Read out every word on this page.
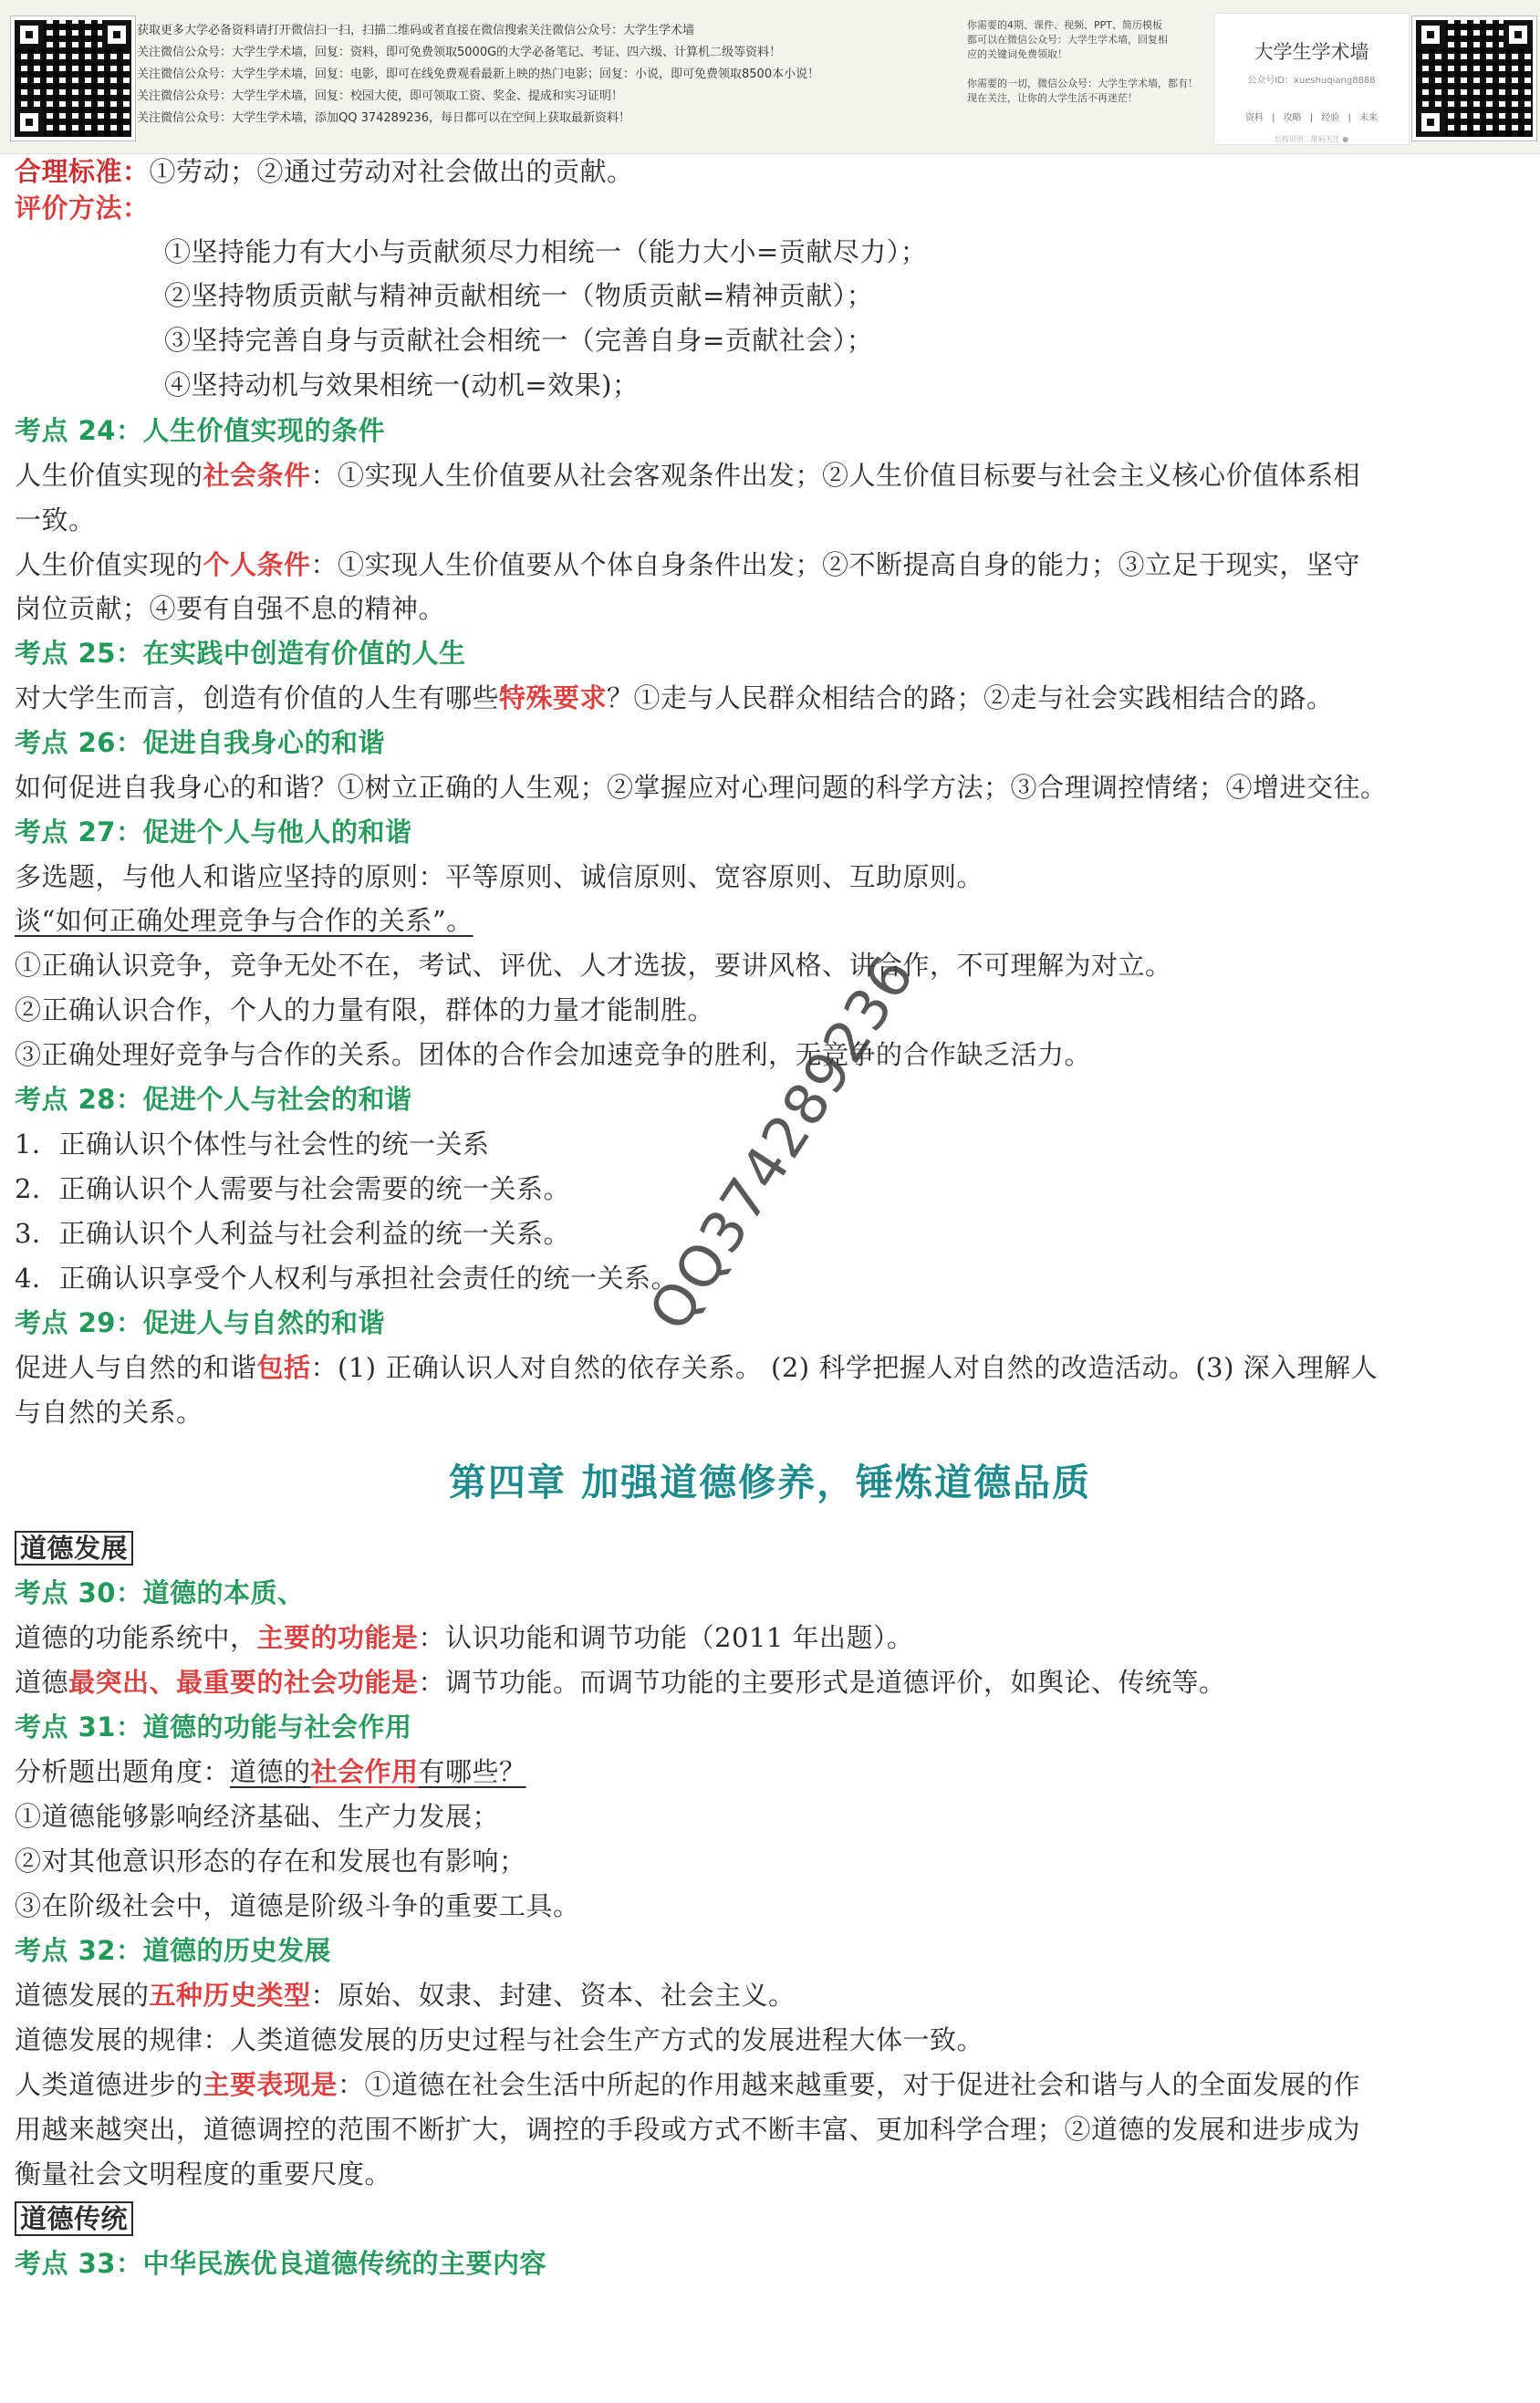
合理标准：①劳动；②通过劳动对社会做出的贡献。
评价方法：
①坚持能力有大小与贡献须尽力相统一（能力大小=贡献尽力）；
②坚持物质贡献与精神贡献相统一（物质贡献=精神贡献）；
③坚持完善自身与贡献社会相统一（完善自身=贡献社会）；
④坚持动机与效果相统一(动机=效果)；
考点 24：人生价值实现的条件
人生价值实现的社会条件：①实现人生价值要从社会客观条件出发；②人生价值目标要与社会主义核心价值体系相
一致。
人生价值实现的个人条件：①实现人生价值要从个体自身条件出发；②不断提高自身的能力；③立足于现实，坚守
岗位贡献；④要有自强不息的精神。
考点 25：在实践中创造有价值的人生
对大学生而言，创造有价值的人生有哪些特殊要求？①走与人民群众相结合的路；②走与社会实践相结合的路。
考点 26：促进自我身心的和谐
如何促进自我身心的和谐？①树立正确的人生观；②掌握应对心理问题的科学方法；③合理调控情绪；④增进交往。
考点 27：促进个人与他人的和谐
多选题，与他人和谐应坚持的原则：平等原则、诚信原则、宽容原则、互助原则。
谈“如何正确处理竞争与合作的关系”。
①正确认识竞争，竞争无处不在，考试、评优、人才选拔，要讲风格、讲合作，不可理解为对立。
②正确认识合作，个人的力量有限，群体的力量才能制胜。
③正确处理好竞争与合作的关系。团体的合作会加速竞争的胜利，无竞争的合作缺乏活力。
考点 28：促进个人与社会的和谐
1．正确认识个体性与社会性的统一关系
2．正确认识个人需要与社会需要的统一关系。
3．正确认识个人利益与社会利益的统一关系。
4．正确认识享受个人权利与承担社会责任的统一关系。
考点 29：促进人与自然的和谐
促进人与自然的和谐包括：(1) 正确认识人对自然的依存关系。 (2) 科学把握人对自然的改造活动。(3) 深入理解人
与自然的关系。
第四章 加强道德修养，锤炼道德品质
道德发展
考点 30：道德的本质、
道德的功能系统中，主要的功能是：认识功能和调节功能（2011 年出题）。
道德最突出、最重要的社会功能是：调节功能。而调节功能的主要形式是道德评价，如舆论、传统等。
考点 31：道德的功能与社会作用
分析题出题角度：道德的社会作用有哪些？
①道德能够影响经济基础、生产力发展；
②对其他意识形态的存在和发展也有影响；
③在阶级社会中，道德是阶级斗争的重要工具。
考点 32：道德的历史发展
道德发展的五种历史类型：原始、奴隶、封建、资本、社会主义。
道德发展的规律：人类道德发展的历史过程与社会生产方式的发展进程大体一致。
人类道德进步的主要表现是：①道德在社会生活中所起的作用越来越重要，对于促进社会和谐与人的全面发展的作
用越来越突出，道德调控的范围不断扩大，调控的手段或方式不断丰富、更加科学合理；②道德的发展和进步成为
衡量社会文明程度的重要尺度。
道德传统
考点 33：中华民族优良道德传统的主要内容
QQ374289236
获取更多大学必备资料请打开微信扫一扫，扫描二维码或者直接在微信搜索关注微信公众号：大学生学术墙
关注微信公众号：大学生学术墙，回复：资料，即可免费领取5000G的大学必备笔记、考证、四六级、计算机二级等资料！
关注微信公众号：大学生学术墙，回复：电影，即可在线免费观看最新上映的热门电影；回复：小说，即可免费领取8500本小说！
关注微信公众号：大学生学术墙，回复：校园大使，即可领取工资、奖金、提成和实习证明！
关注微信公众号：大学生学术墙，添加QQ 374289236，每日都可以在空间上获取最新资料！
你需要的4期、课件、视频、PPT、简历模板
都可以在微信公众号：大学生学术墙，回复相
应的关键词免费领取！

你需要的一切，微信公众号：大学生学术墙，都有！
现在关注，让你的大学生活不再迷茫！
大学生学术墙
公众号ID：xueshuqiang8888
资料 | 攻略 | 经验 | 未来
长按识别二维码关注 ●
